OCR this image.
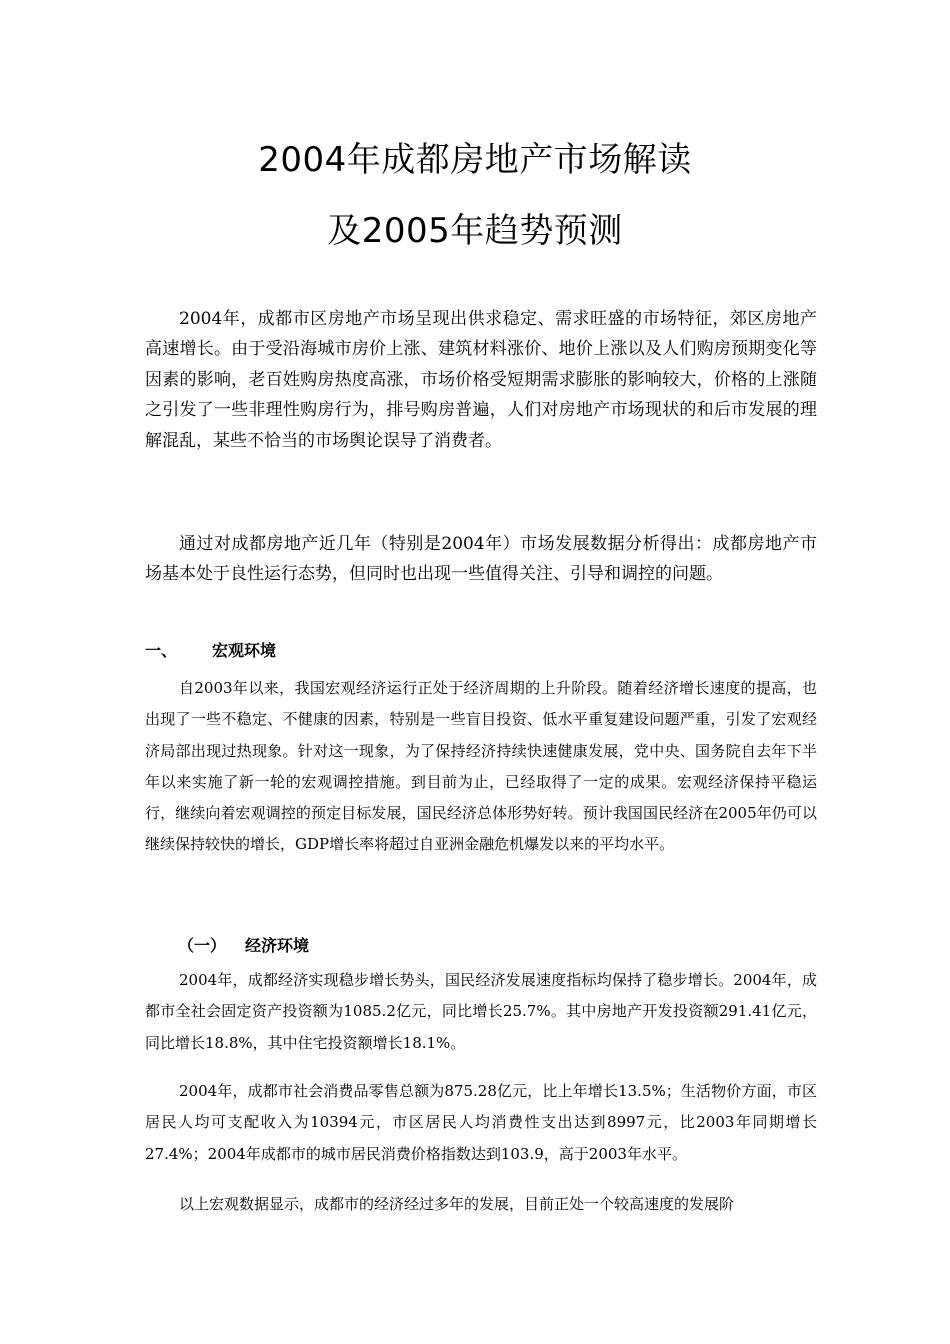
2004年成都房地产市场解读
及2005年趋势预测
2004年，成都市区房地产市场呈现出供求稳定、需求旺盛的市场特征，郊区房地产高速增长。由于受沿海城市房价上涨、建筑材料涨价、地价上涨以及人们购房预期变化等因素的影响，老百姓购房热度高涨，市场价格受短期需求膨胀的影响较大，价格的上涨随之引发了一些非理性购房行为，排号购房普遍，人们对房地产市场现状的和后市发展的理解混乱，某些不恰当的市场舆论误导了消费者。
通过对成都房地产近几年（特别是2004年）市场发展数据分析得出：成都房地产市场基本处于良性运行态势，但同时也出现一些值得关注、引导和调控的问题。
一、 宏观环境
自2003年以来，我国宏观经济运行正处于经济周期的上升阶段。随着经济增长速度的提高，也出现了一些不稳定、不健康的因素，特别是一些盲目投资、低水平重复建设问题严重，引发了宏观经济局部出现过热现象。针对这一现象，为了保持经济持续快速健康发展，党中央、国务院自去年下半年以来实施了新一轮的宏观调控措施。到目前为止，已经取得了一定的成果。宏观经济保持平稳运行，继续向着宏观调控的预定目标发展，国民经济总体形势好转。预计我国国民经济在2005年仍可以继续保持较快的增长，GDP增长率将超过自亚洲金融危机爆发以来的平均水平。
（一） 经济环境
2004年，成都经济实现稳步增长势头，国民经济发展速度指标均保持了稳步增长。2004年，成都市全社会固定资产投资额为1085.2亿元，同比增长25.7%。其中房地产开发投资额291.41亿元，同比增长18.8%，其中住宅投资额增长18.1%。
2004年，成都市社会消费品零售总额为875.28亿元，比上年增长13.5%；生活物价方面，市区居民人均可支配收入为10394元，市区居民人均消费性支出达到8997元，比2003年同期增长27.4%；2004年成都市的城市居民消费价格指数达到103.9，高于2003年水平。
以上宏观数据显示，成都市的经济经过多年的发展，目前正处一个较高速度的发展阶
